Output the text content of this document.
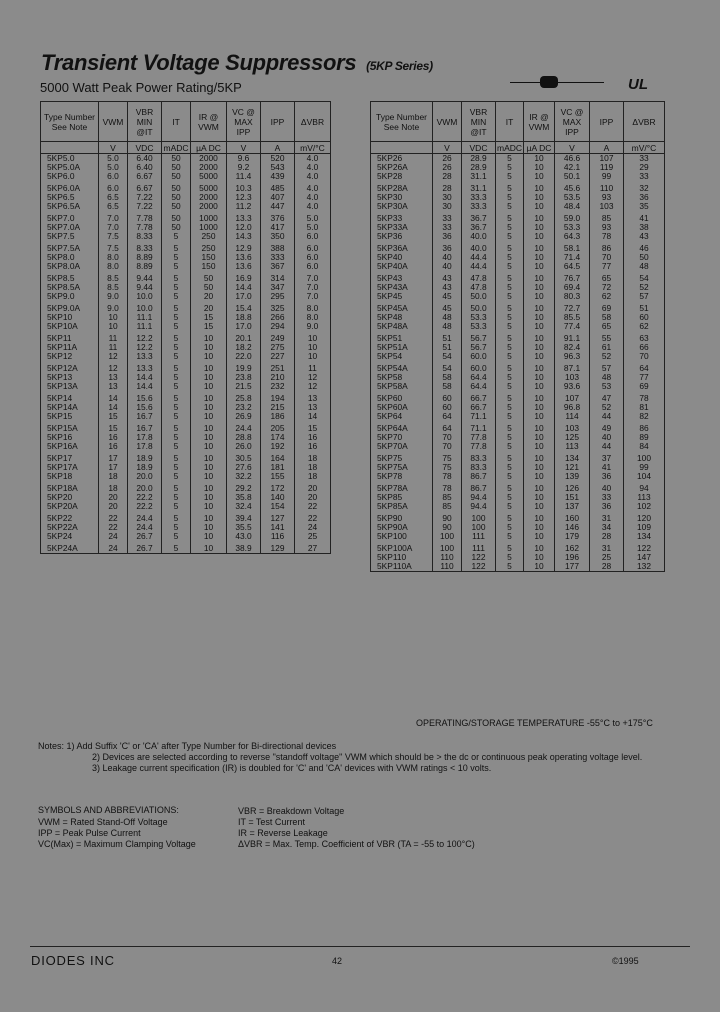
Transient Voltage Suppressors (5KP Series)
5000 Watt Peak Power Rating/5KP	UL
Type Number See Note	VWM	VBR MIN @IT	IT	IR @ VWM	VC @ MAX IPP	IPP	ΔVBR
	V	VDC	mADC	µA DC	V	A	mV/°C
5KP5.0	5.0	6.40	50	2000	9.6	520	4.0
5KP5.0A	5.0	6.40	50	2000	9.2	543	4.0
5KP6.0	6.0	6.67	50	5000	11.4	439	4.0

5KP6.0A	6.0	6.67	50	5000	10.3	485	4.0
5KP6.5	6.5	7.22	50	2000	12.3	407	4.0
5KP6.5A	6.5	7.22	50	2000	11.2	447	4.0

5KP7.0	7.0	7.78	50	1000	13.3	376	5.0
5KP7.0A	7.0	7.78	50	1000	12.0	417	5.0
5KP7.5	7.5	8.33	5	250	14.3	350	6.0

5KP7.5A	7.5	8.33	5	250	12.9	388	6.0
5KP8.0	8.0	8.89	5	150	13.6	333	6.0
5KP8.0A	8.0	8.89	5	150	13.6	367	6.0

5KP8.5	8.5	9.44	5	50	16.9	314	7.0
5KP8.5A	8.5	9.44	5	50	14.4	347	7.0
5KP9.0	9.0	10.0	5	20	17.0	295	7.0

5KP9.0A	9.0	10.0	5	20	15.4	325	8.0
5KP10	10	11.1	5	15	18.8	266	8.0
5KP10A	10	11.1	5	15	17.0	294	9.0

5KP11	11	12.2	5	10	20.1	249	10
5KP11A	11	12.2	5	10	18.2	275	10
5KP12	12	13.3	5	10	22.0	227	10

5KP12A	12	13.3	5	10	19.9	251	11
5KP13	13	14.4	5	10	23.8	210	12
5KP13A	13	14.4	5	10	21.5	232	12

5KP14	14	15.6	5	10	25.8	194	13
5KP14A	14	15.6	5	10	23.2	215	13
5KP15	15	16.7	5	10	26.9	186	14

5KP15A	15	16.7	5	10	24.4	205	15
5KP16	16	17.8	5	10	28.8	174	16
5KP16A	16	17.8	5	10	26.0	192	16

5KP17	17	18.9	5	10	30.5	164	18
5KP17A	17	18.9	5	10	27.6	181	18
5KP18	18	20.0	5	10	32.2	155	18

5KP18A	18	20.0	5	10	29.2	172	20
5KP20	20	22.2	5	10	35.8	140	20
5KP20A	20	22.2	5	10	32.4	154	22

5KP22	22	24.4	5	10	39.4	127	22
5KP22A	22	24.4	5	10	35.5	141	24
5KP24	24	26.7	5	10	43.0	116	25

5KP24A	24	26.7	5	10	38.9	129	27
Type Number See Note	VWM	VBR MIN @IT	IT	IR @ VWM	VC @ MAX IPP	IPP	ΔVBR
	V	VDC	mADC	µA DC	V	A	mV/°C
5KP26	26	28.9	5	10	46.6	107	33
5KP26A	26	28.9	5	10	42.1	119	29
5KP28	28	31.1	5	10	50.1	99	33

5KP28A	28	31.1	5	10	45.6	110	32
5KP30	30	33.3	5	10	53.5	93	36
5KP30A	30	33.3	5	10	48.4	103	35

5KP33	33	36.7	5	10	59.0	85	41
5KP33A	33	36.7	5	10	53.3	93	38
5KP36	36	40.0	5	10	64.3	78	43

5KP36A	36	40.0	5	10	58.1	86	46
5KP40	40	44.4	5	10	71.4	70	50
5KP40A	40	44.4	5	10	64.5	77	48

5KP43	43	47.8	5	10	76.7	65	54
5KP43A	43	47.8	5	10	69.4	72	52
5KP45	45	50.0	5	10	80.3	62	57

5KP45A	45	50.0	5	10	72.7	69	51
5KP48	48	53.3	5	10	85.5	58	60
5KP48A	48	53.3	5	10	77.4	65	62

5KP51	51	56.7	5	10	91.1	55	63
5KP51A	51	56.7	5	10	82.4	61	66
5KP54	54	60.0	5	10	96.3	52	70

5KP54A	54	60.0	5	10	87.1	57	64
5KP58	58	64.4	5	10	103	48	77
5KP58A	58	64.4	5	10	93.6	53	69

5KP60	60	66.7	5	10	107	47	78
5KP60A	60	66.7	5	10	96.8	52	81
5KP64	64	71.1	5	10	114	44	82

5KP64A	64	71.1	5	10	103	49	86
5KP70	70	77.8	5	10	125	40	89
5KP70A	70	77.8	5	10	113	44	84

5KP75	75	83.3	5	10	134	37	100
5KP75A	75	83.3	5	10	121	41	99
5KP78	78	86.7	5	10	139	36	104

5KP78A	78	86.7	5	10	126	40	94
5KP85	85	94.4	5	10	151	33	113
5KP85A	85	94.4	5	10	137	36	102

5KP90	90	100	5	10	160	31	120
5KP90A	90	100	5	10	146	34	109
5KP100	100	111	5	10	179	28	134

5KP100A	100	111	5	10	162	31	122
5KP110	110	122	5	10	196	25	147
5KP110A	110	122	5	10	177	28	132
OPERATING/STORAGE TEMPERATURE -55°C to +175°C
Notes: 1) Add Suffix 'C' or 'CA' after Type Number for Bi-directional devices
2) Devices are selected according to reverse "standoff voltage" VWM which should be > the dc or continuous peak operating voltage level.
3) Leakage current specification (IR) is doubled for 'C' and 'CA' devices with VWM ratings < 10 volts.
SYMBOLS AND ABBREVIATIONS:
VWM = Rated Stand-Off Voltage
IPP = Peak Pulse Current
VC(Max) = Maximum Clamping Voltage
VBR = Breakdown Voltage
IT = Test Current
IR = Reverse Leakage
ΔVBR = Max. Temp. Coefficient of VBR (TA = -55 to 100°C)
DIODES INC	42	©1995
